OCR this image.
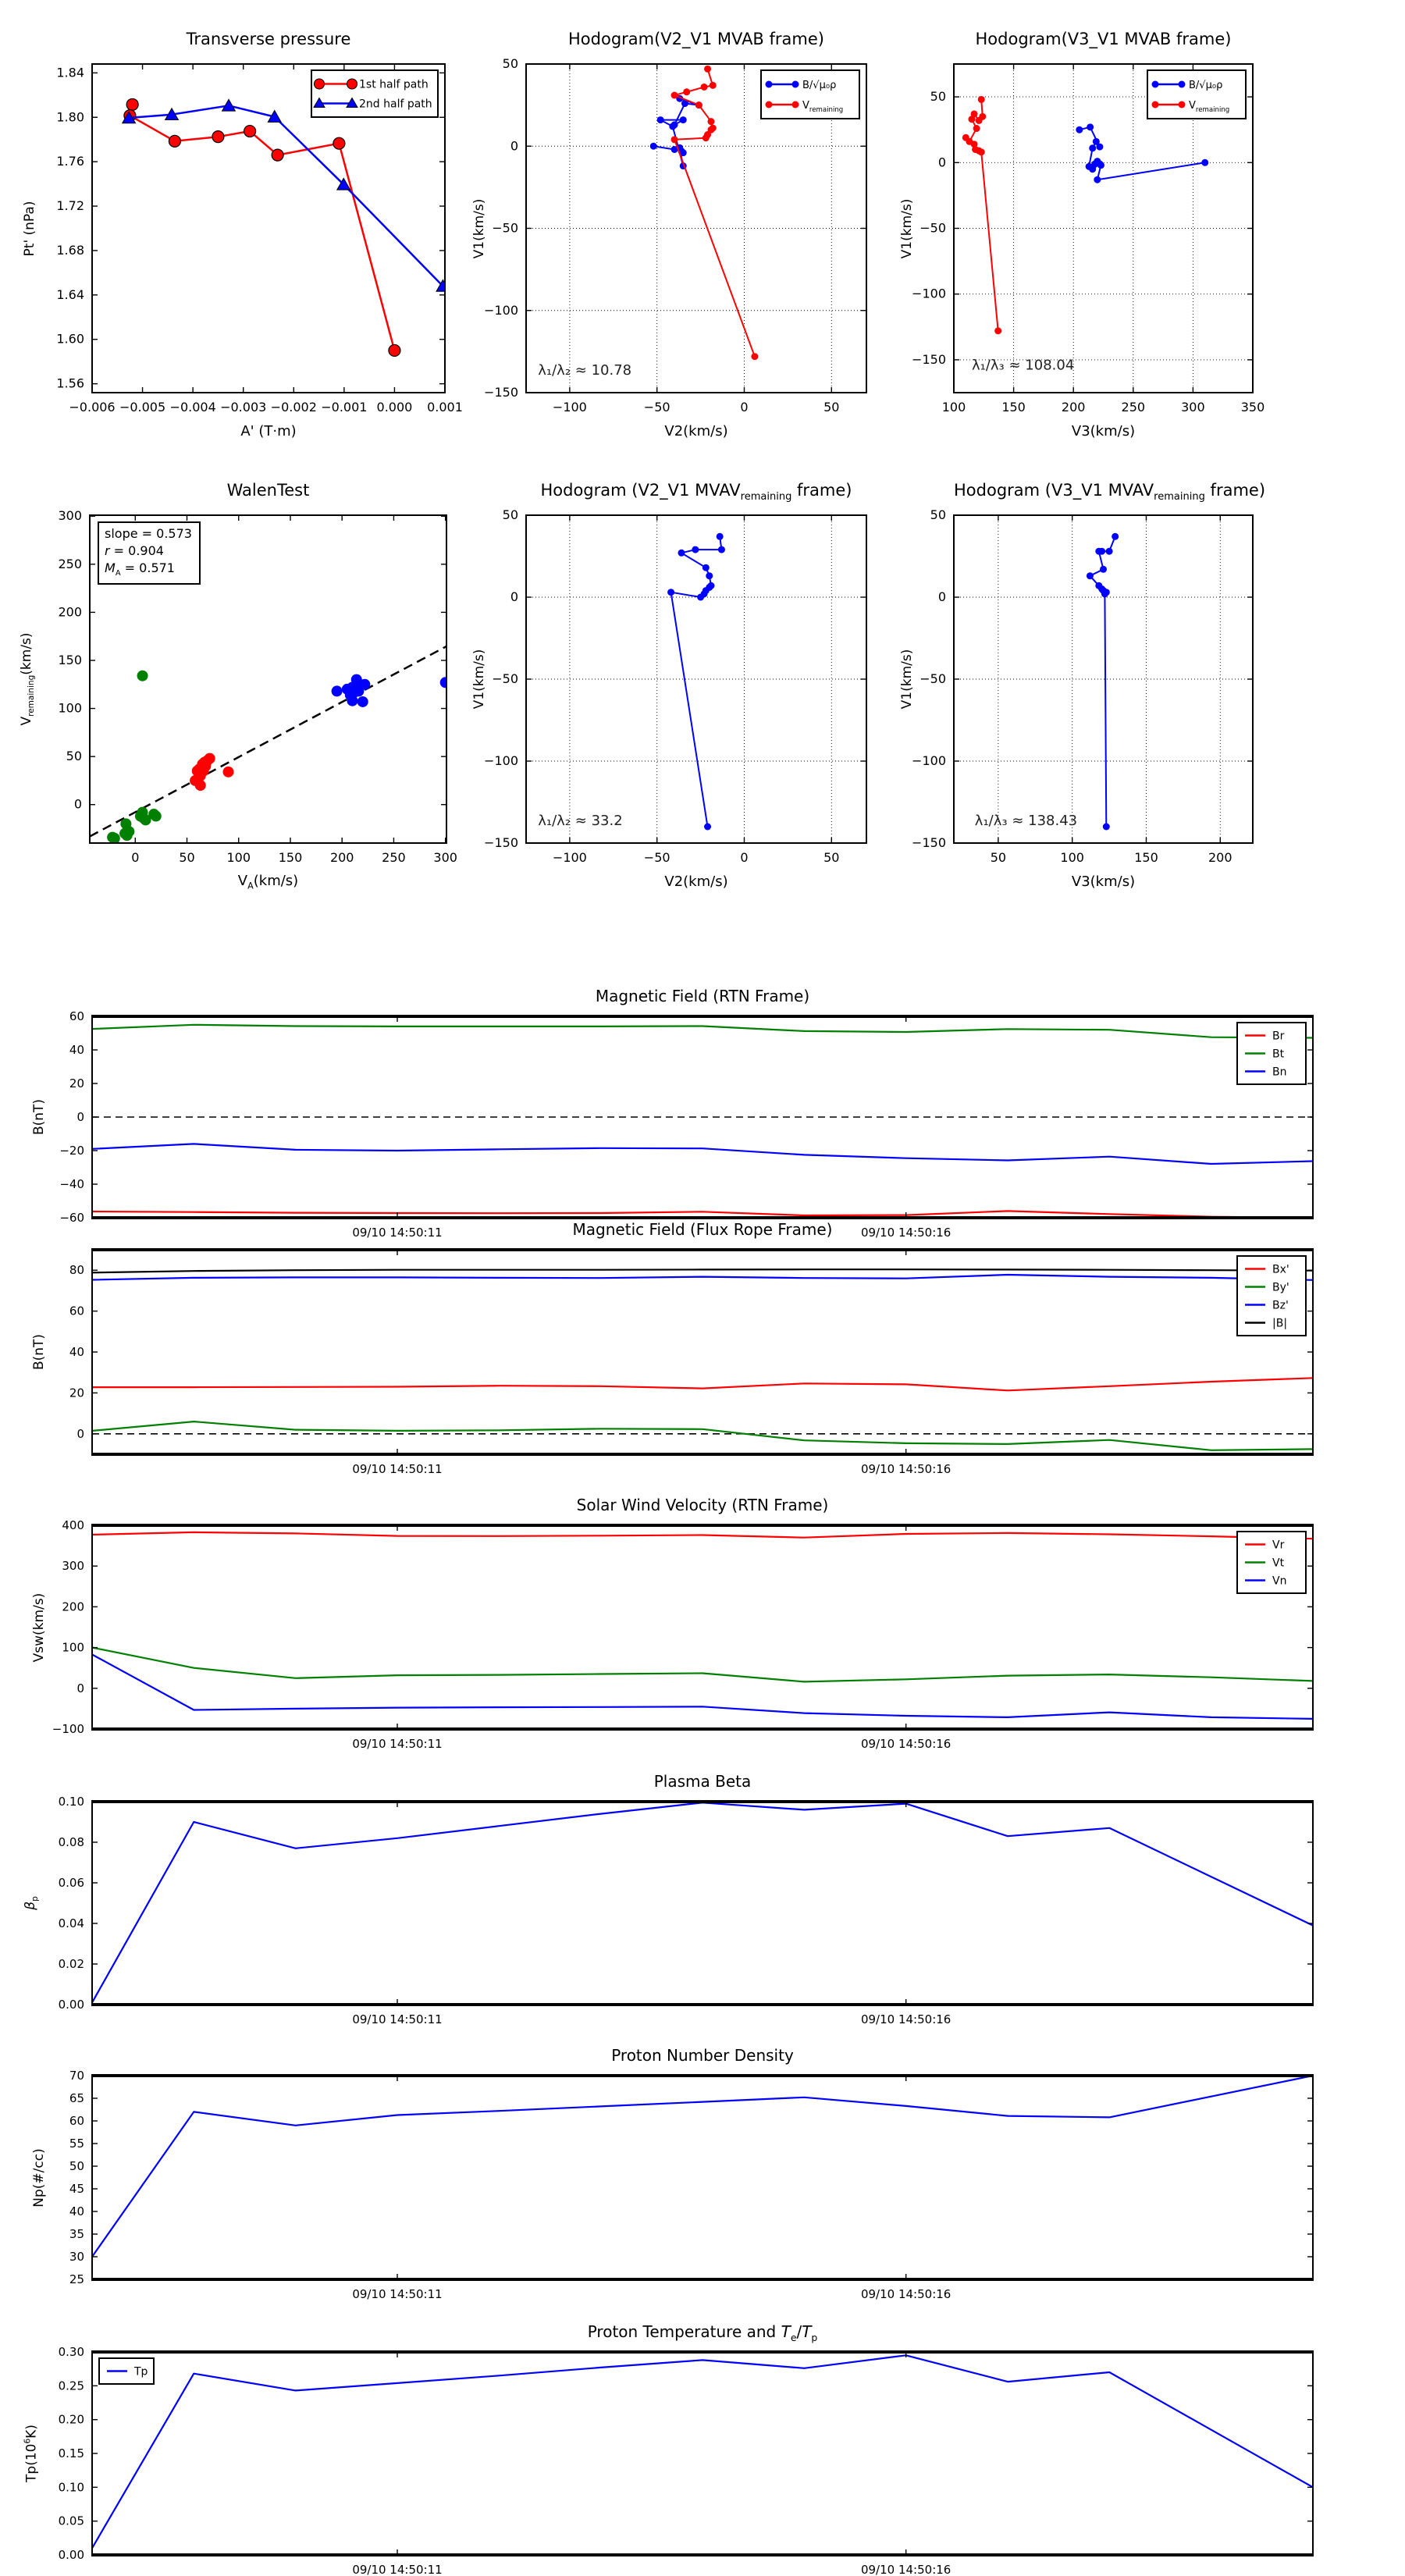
Transverse pressure
A' (T·m)
Pt' (nPa)
−0.006 −0.005 −0.004 −0.003 −0.002 −0.001 0.000 0.001
1.56
1.60
1.64
1.68
1.72
1.76
1.80
1.84
1st half path
2nd half path
Hodogram(V2_V1 MVAB frame)
V2(km/s)
V1(km/s)
−100	−50	0	50
−150
−100
−50
0
50
λ₁/λ₂ ≈ 10.78
B/√μ₀ρ
$V_{remaining}$
Hodogram(V3_V1 MVAB frame)
V3(km/s)
V1(km/s)
100	150	200	250	300	350
−150
−100
−50
0
50
λ₁/λ₃ ≈ 108.04
B/√μ₀ρ
$V_{remaining}$
WalenTest
$V_A(km/s)$
$V_{remaining}(km/s)$
0	50	100 150 200 250 300
0
50
100
150
200
250
300
slope = 0.573
r = 0.904
$M_A = 0.571$
Hodogram (V2_V1 $MVAV_{remaining}$ frame)
V2(km/s)
V1(km/s)
−100	−50	0	50
−150
−100
−50
0
50
λ₁/λ₂ ≈ 33.2
Hodogram (V3_V1 $MVAV_{remaining}$ frame)
V3(km/s)
V1(km/s)
50	100	150	200
−150
−100
−50
0
50
λ₁/λ₃ ≈ 138.43
Magnetic Field (RTN Frame)
B(nT)
09/10 14:50:11	09/10 14:50:16
−60
−40
−20
0
20
40
60
Br
Bt
Bn
Magnetic Field (Flux Rope Frame)
B(nT)
09/10 14:50:11	09/10 14:50:16
0
20
40
60
80	Bx'
By'
Bz'
|B|
Solar Wind Velocity (RTN Frame)
Vsw(km/s)
09/10 14:50:11	09/10 14:50:16
−100
0
100
200
300
400
Vr
Vt
Vn
Plasma Beta
$\beta_p$
09/10 14:50:11	09/10 14:50:16
0.00
0.02
0.04
0.06
0.08
0.10
Proton Number Density
Np(#/cc)
09/10 14:50:11	09/10 14:50:16
25
30
35
40
45
50
55
60
65
70
Proton Temperature and $T_e/T_p$
$Tp(10^6K)$
09/10 14:50:11	09/10 14:50:16
0.00
0.05
0.10
0.15
0.20
0.25
0.30
Tp
